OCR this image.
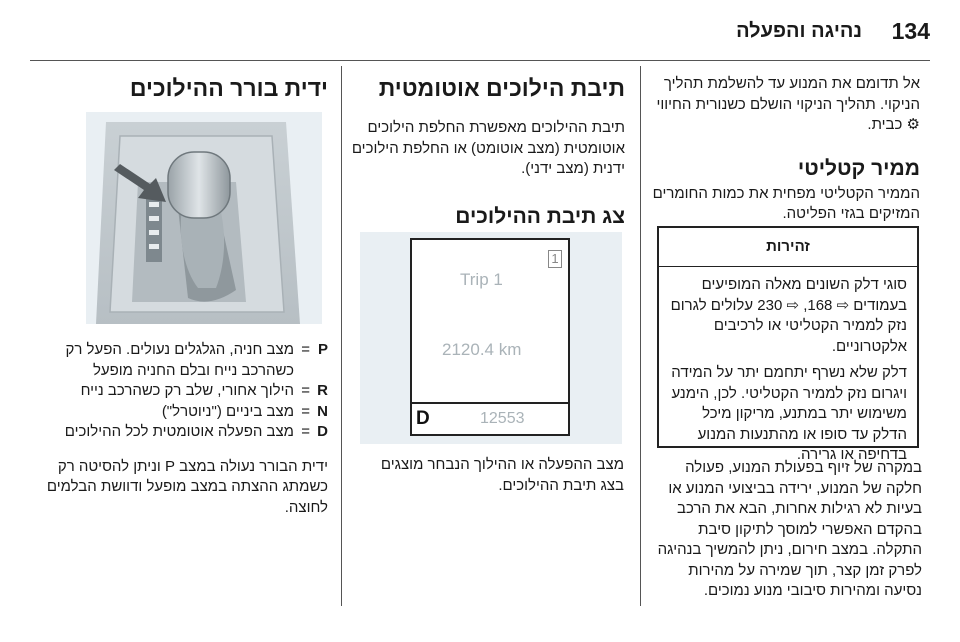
134
נהיגה והפעלה

אל תדומם את המנוע עד להשלמת תהליך הניקוי. תהליך הניקוי הושלם כשנורית החיווי ⚙ כבית.

ממיר קטליטי

הממיר הקטליטי מפחית את כמות החומרים המזיקים בגזי הפליטה.

זהירות

סוגי דלק השונים מאלה המופיעים בעמודים ⇨ 168, ⇨ 230 עלולים לגרום נזק לממיר הקטליטי או לרכיבים אלקטרוניים.

דלק שלא נשרף יתחמם יתר על המידה ויגרום נזק לממיר הקטליטי. לכן, הימנע משימוש יתר במתנע, מריקון מיכל הדלק עד סופו או מהתנעות המנוע בדחיפה או גרירה.

במקרה של זיוף בפעולת המנוע, פעולה חלקה של המנוע, ירידה בביצועי המנוע או בעיות לא רגילות אחרות, הבא את הרכב בהקדם האפשרי למוסך לתיקון סיבת התקלה. במצב חירום, ניתן להמשיך בנהיגה לפרק זמן קצר, תוך שמירה על מהירות נסיעה ומהירות סיבובי מנוע נמוכים.
תיבת הילוכים אוטומטית

תיבת ההילוכים מאפשרת החלפת הילוכים אוטומטית (מצב אוטומט) או החלפת הילוכים ידנית (מצב ידני).

צג תיבת ההילוכים
1
Trip 1
2120.4 km
D	12553
מצב ההפעלה או ההילוך הנבחר מוצגים בצג תיבת ההילוכים.
ידית בורר ההילוכים
P
=
מצב חניה, הגלגלים נעולים. הפעל רק כשהרכב נייח ובלם החניה מופעל
R
=
הילוך אחורי, שלב רק כשהרכב נייח
N
=
מצב ביניים ("ניוטרל")
D
=
מצב הפעלה אוטומטית לכל ההילוכים

ידית הבורר נעולה במצב P וניתן להסיטה רק כשמתג ההצתה במצב מופעל ודוושת הבלמים לחוצה.
